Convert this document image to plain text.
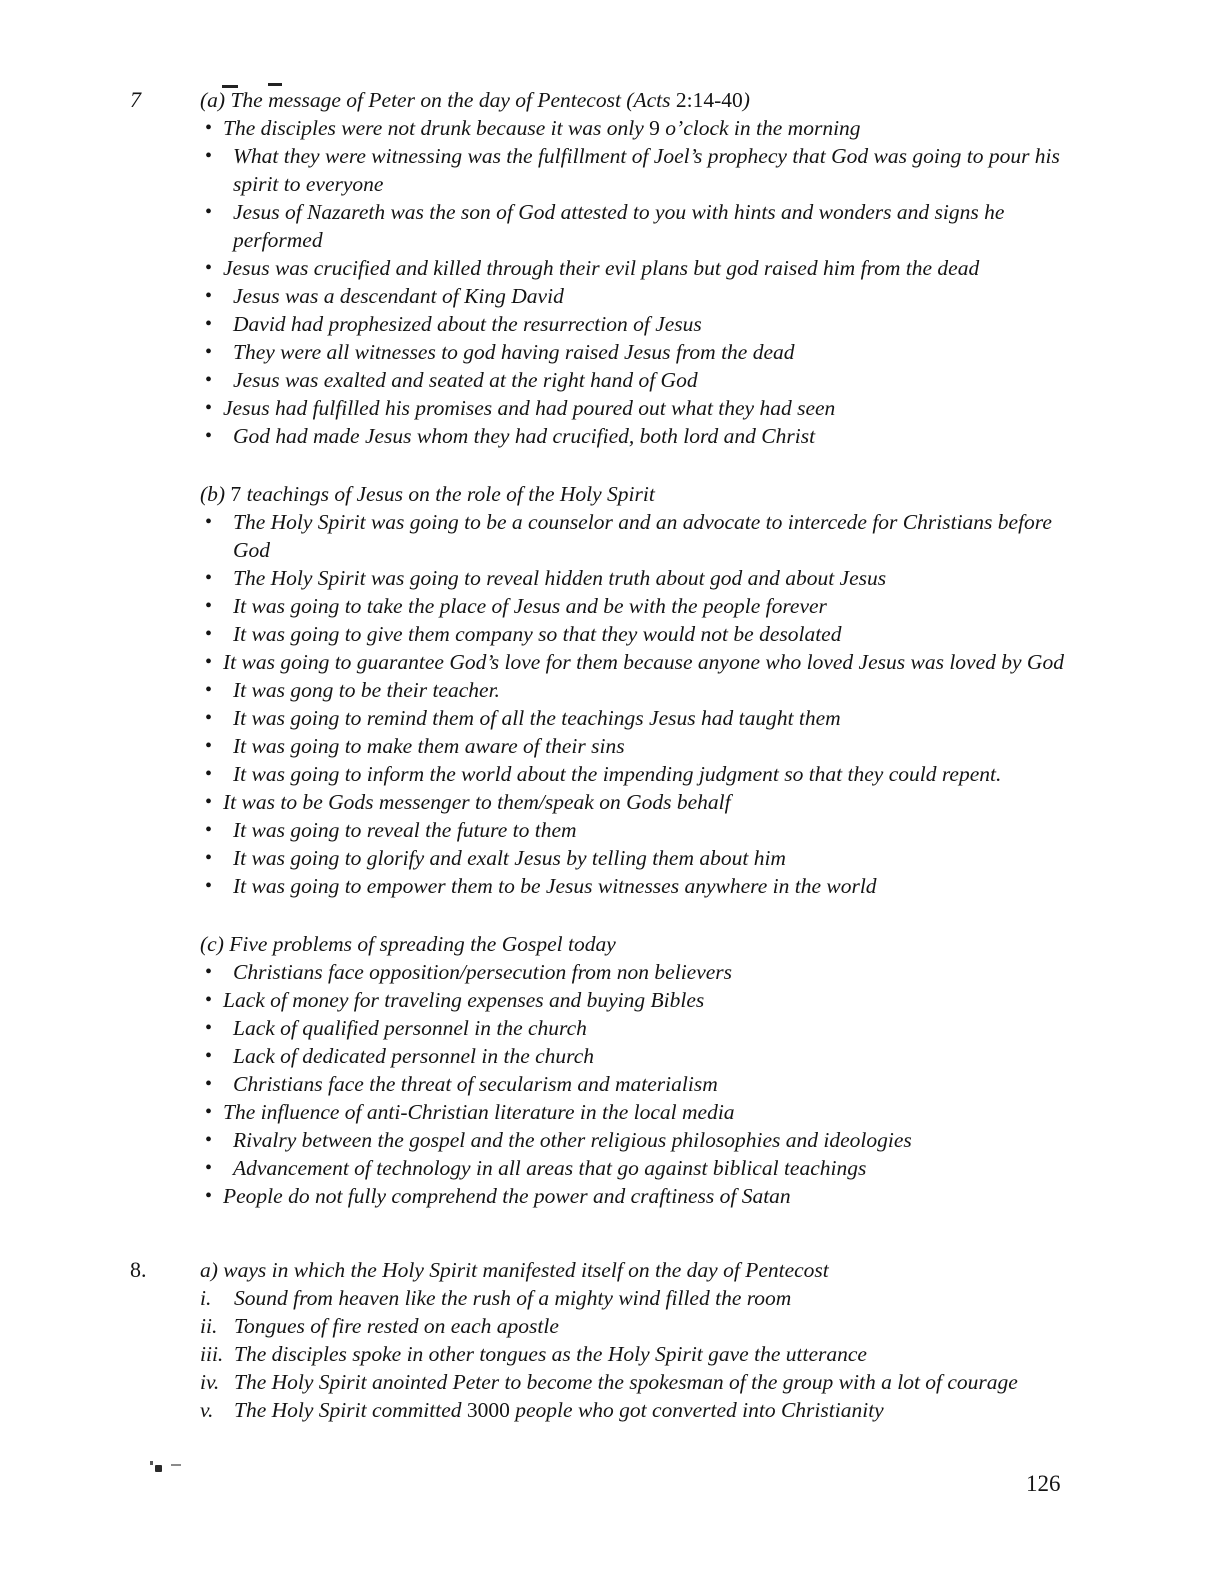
7	(a) The message of Peter on the day of Pentecost (Acts 2:14-40)

• The disciples were not drunk because it was only 9 o’clock in the morning
• What they were witnessing was the fulfillment of Joel’s prophecy that God was going to pour his spirit to everyone
• Jesus of Nazareth was the son of God attested to you with hints and wonders and signs he performed
• Jesus was crucified and killed through their evil plans but god raised him from the dead
• Jesus was a descendant of King David
• David had prophesized about the resurrection of Jesus
• They were all witnesses to god having raised Jesus from the dead
• Jesus was exalted and seated at the right hand of God
• Jesus had fulfilled his promises and had poured out what they had seen
• God had made Jesus whom they had crucified, both lord and Christ

(b) 7 teachings of Jesus on the role of the Holy Spirit

• The Holy Spirit was going to be a counselor and an advocate to intercede for Christians before God
• The Holy Spirit was going to reveal hidden truth about god and about Jesus
• It was going to take the place of Jesus and be with the people forever
• It was going to give them company so that they would not be desolated
• It was going to guarantee God’s love for them because anyone who loved Jesus was loved by God
• It was gong to be their teacher.
• It was going to remind them of all the teachings Jesus had taught them
• It was going to make them aware of their sins
• It was going to inform the world about the impending judgment so that they could repent.
• It was to be Gods messenger to them/speak on Gods behalf
• It was going to reveal the future to them
• It was going to glorify and exalt Jesus by telling them about him
• It was going to empower them to be Jesus witnesses anywhere in the world

(c) Five problems of spreading the Gospel today

• Christians face opposition/persecution from non believers
• Lack of money for traveling expenses and buying Bibles
• Lack of qualified personnel in the church
• Lack of dedicated personnel in the church
• Christians face the threat of secularism and materialism
• The influence of anti-Christian literature in the local media
• Rivalry between the gospel and the other religious philosophies and ideologies
• Advancement of technology in all areas that go against biblical teachings
• People do not fully comprehend the power and craftiness of Satan
8.	a) ways in which the Holy Spirit manifested itself on the day of Pentecost

i. Sound from heaven like the rush of a mighty wind filled the room
ii. Tongues of fire rested on each apostle
iii. The disciples spoke in other tongues as the Holy Spirit gave the utterance
iv. The Holy Spirit anointed Peter to become the spokesman of the group with a lot of courage
v. The Holy Spirit committed 3000 people who got converted into Christianity
126
